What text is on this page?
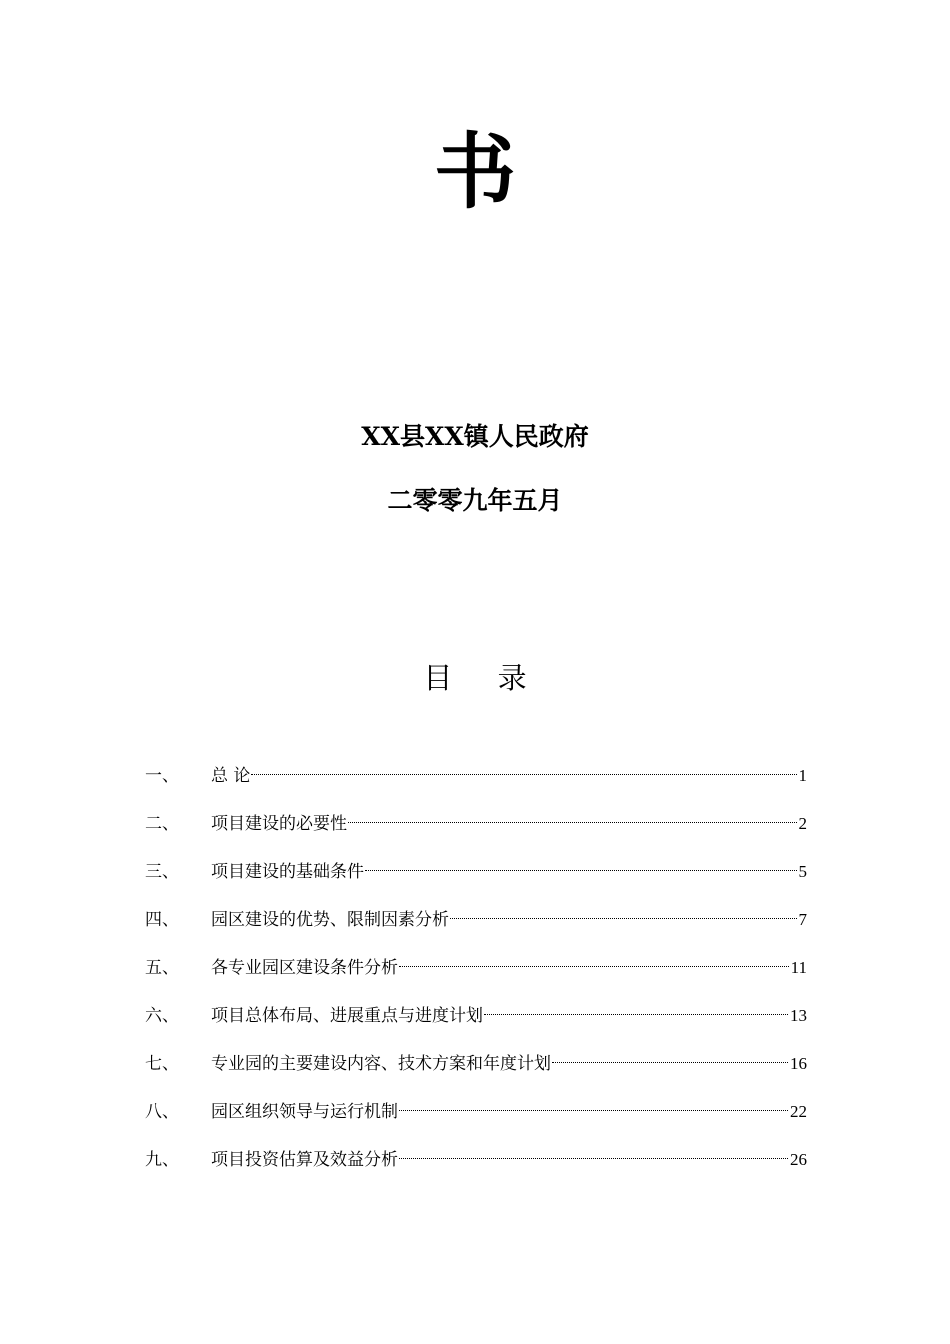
书
XX县XX镇人民政府
二零零九年五月
目 录
一、	总 论	1
二、	项目建设的必要性	2
三、	项目建设的基础条件	5
四、	园区建设的优势、限制因素分析	7
五、	各专业园区建设条件分析	11
六、	项目总体布局、进展重点与进度计划	13
七、	专业园的主要建设内容、技术方案和年度计划	16
八、	园区组织领导与运行机制	22
九、	项目投资估算及效益分析	26
